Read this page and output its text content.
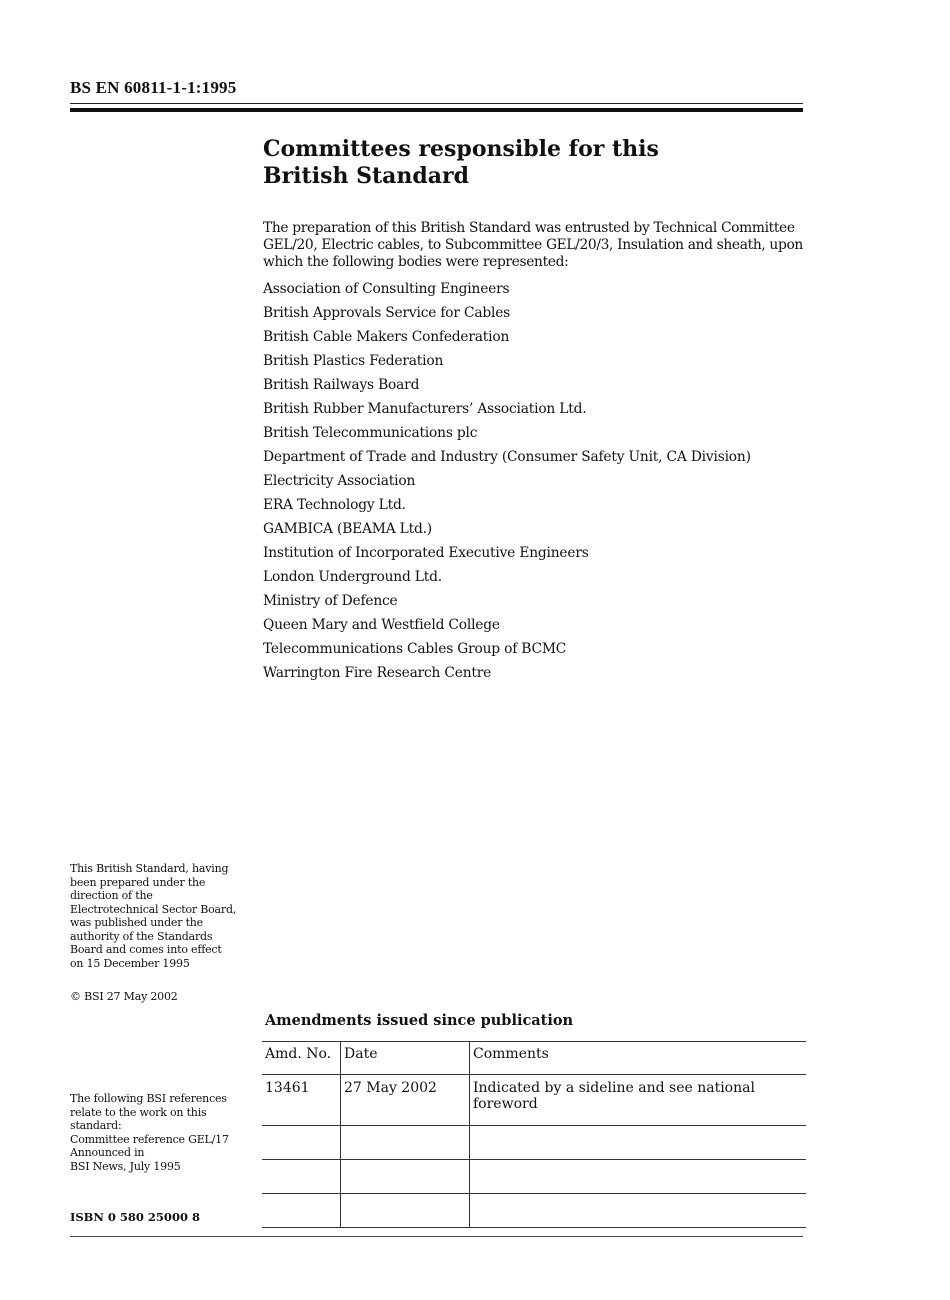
BS EN 60811-1-1:1995
Committees responsible for this
British Standard
The preparation of this British Standard was entrusted by Technical Committee GEL/20, Electric cables, to Subcommittee GEL/20/3, Insulation and sheath, upon which the following bodies were represented:
Association of Consulting Engineers
British Approvals Service for Cables
British Cable Makers Confederation
British Plastics Federation
British Railways Board
British Rubber Manufacturers’ Association Ltd.
British Telecommunications plc
Department of Trade and Industry (Consumer Safety Unit, CA Division)
Electricity Association
ERA Technology Ltd.
GAMBICA (BEAMA Ltd.)
Institution of Incorporated Executive Engineers
London Underground Ltd.
Ministry of Defence
Queen Mary and Westfield College
Telecommunications Cables Group of BCMC
Warrington Fire Research Centre
This British Standard, having
been prepared under the
direction of the
Electrotechnical Sector Board,
was published under the
authority of the Standards
Board and comes into effect
on 15 December 1995
© BSI 27 May 2002
The following BSI references
relate to the work on this
standard:
Committee reference GEL/17
Announced in
BSI News, July 1995
ISBN 0 580 25000 8
Amendments issued since publication
Amd. No.	Date	Comments
13461	27 May 2002	Indicated by a sideline and see national foreword
